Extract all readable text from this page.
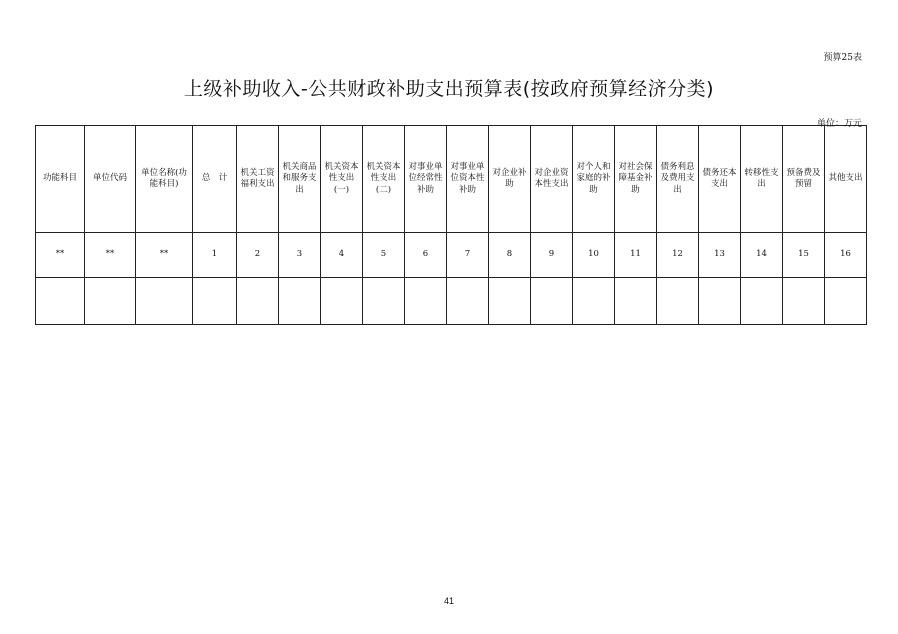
预算25表
上级补助收入-公共财政补助支出预算表(按政府预算经济分类)
单位：万元
功能科目	单位代码	单位名称(功能科目)	总　计	机关工资福利支出	机关商品和服务支出	机关资本性支出(一)	机关资本性支出(二)	对事业单位经常性补助	对事业单位资本性补助	对企业补助	对企业资本性支出	对个人和家庭的补助	对社会保障基金补助	债务利息及费用支出	债务还本支出	转移性支出	预备费及预留	其他支出
**	**	**	1	2	3	4	5	6	7	8	9	10	11	12	13	14	15	16

41
